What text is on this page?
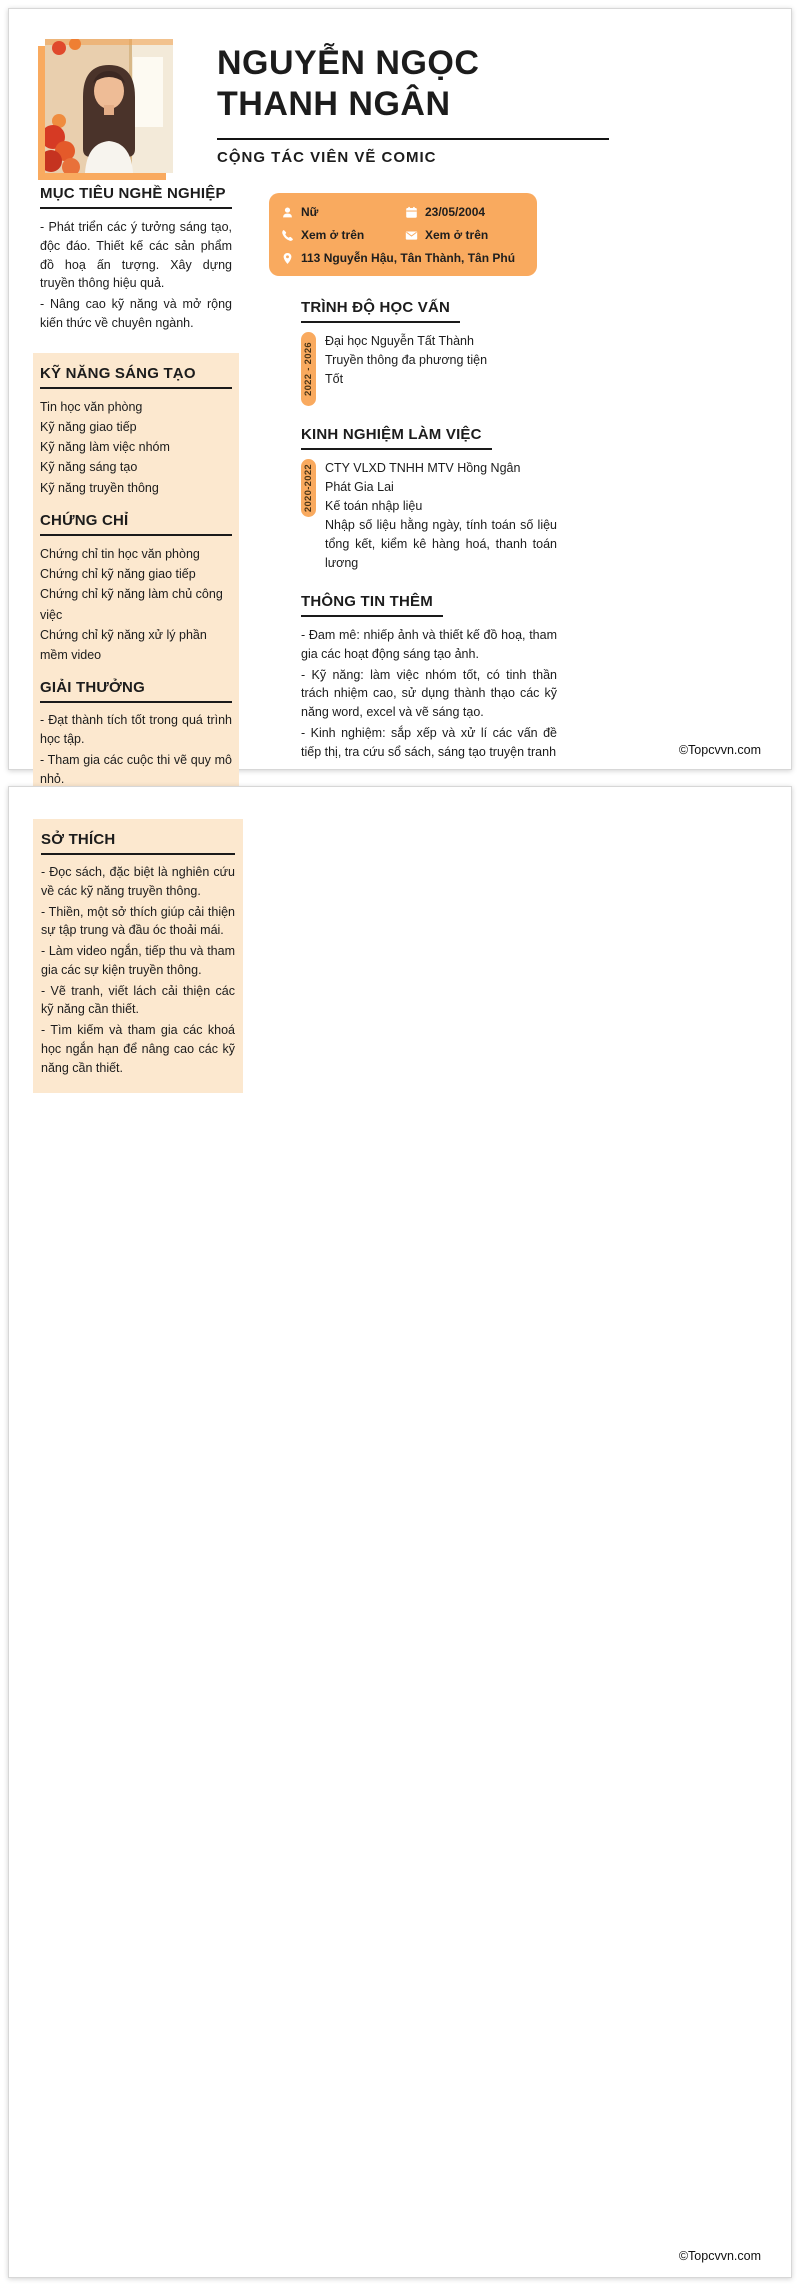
NGUYỄN NGỌC
THANH NGÂN
CỘNG TÁC VIÊN VẼ COMIC
MỤC TIÊU NGHỀ NGHIỆP

- Phát triển các ý tưởng sáng tạo, độc đáo. Thiết kế các sản phẩm đồ hoạ ấn tượng. Xây dựng truyền thông hiệu quả.

- Nâng cao kỹ năng và mở rộng kiến thức về chuyên ngành.

KỸ NĂNG SÁNG TẠO
Tin học văn phòng
Kỹ năng giao tiếp
Kỹ năng làm việc nhóm
Kỹ năng sáng tạo
Kỹ năng truyền thông
CHỨNG CHỈ
Chứng chỉ tin học văn phòng
Chứng chỉ kỹ năng giao tiếp
Chứng chỉ kỹ năng làm chủ công việc
Chứng chỉ kỹ năng xử lý phần mềm video
GIẢI THƯỞNG

- Đạt thành tích tốt trong quá trình học tập.

- Tham gia các cuộc thi vẽ quy mô nhỏ.

Nữ	23/05/2004
Xem ở trên	Xem ở trên
113 Nguyễn Hậu, Tân Thành, Tân Phú
TRÌNH ĐỘ HỌC VẤN
2022 - 2026
Đại học Nguyễn Tất Thành
Truyền thông đa phương tiện
Tốt
KINH NGHIỆM LÀM VIỆC
2020-2022 CTY VLXD TNHH MTV Hồng Ngân
Phát Gia Lai
Kế toán nhập liệu
Nhập số liệu hằng ngày, tính toán số liệu tổng kết, kiểm kê hàng hoá, thanh toán lương
THÔNG TIN THÊM

- Đam mê: nhiếp ảnh và thiết kế đồ hoạ, tham gia các hoạt động sáng tạo ảnh.

- Kỹ năng: làm việc nhóm tốt, có tinh thần trách nhiệm cao, sử dụng thành thạo các kỹ năng word, excel và vẽ sáng tạo.

- Kinh nghiệm: sắp xếp và xử lí các vấn đề tiếp thị, tra cứu sổ sách, sáng tạo truyện tranh	©Topcvvn.com
SỞ THÍCH

- Đọc sách, đặc biệt là nghiên cứu về các kỹ năng truyền thông.

- Thiền, một sở thích giúp cải thiện sự tập trung và đầu óc thoải mái.

- Làm video ngắn, tiếp thu và tham gia các sự kiện truyền thông.

- Vẽ tranh, viết lách cải thiện các kỹ năng cần thiết.

- Tìm kiếm và tham gia các khoá học ngắn hạn để nâng cao các kỹ năng cần thiết.

©Topcvvn.com
